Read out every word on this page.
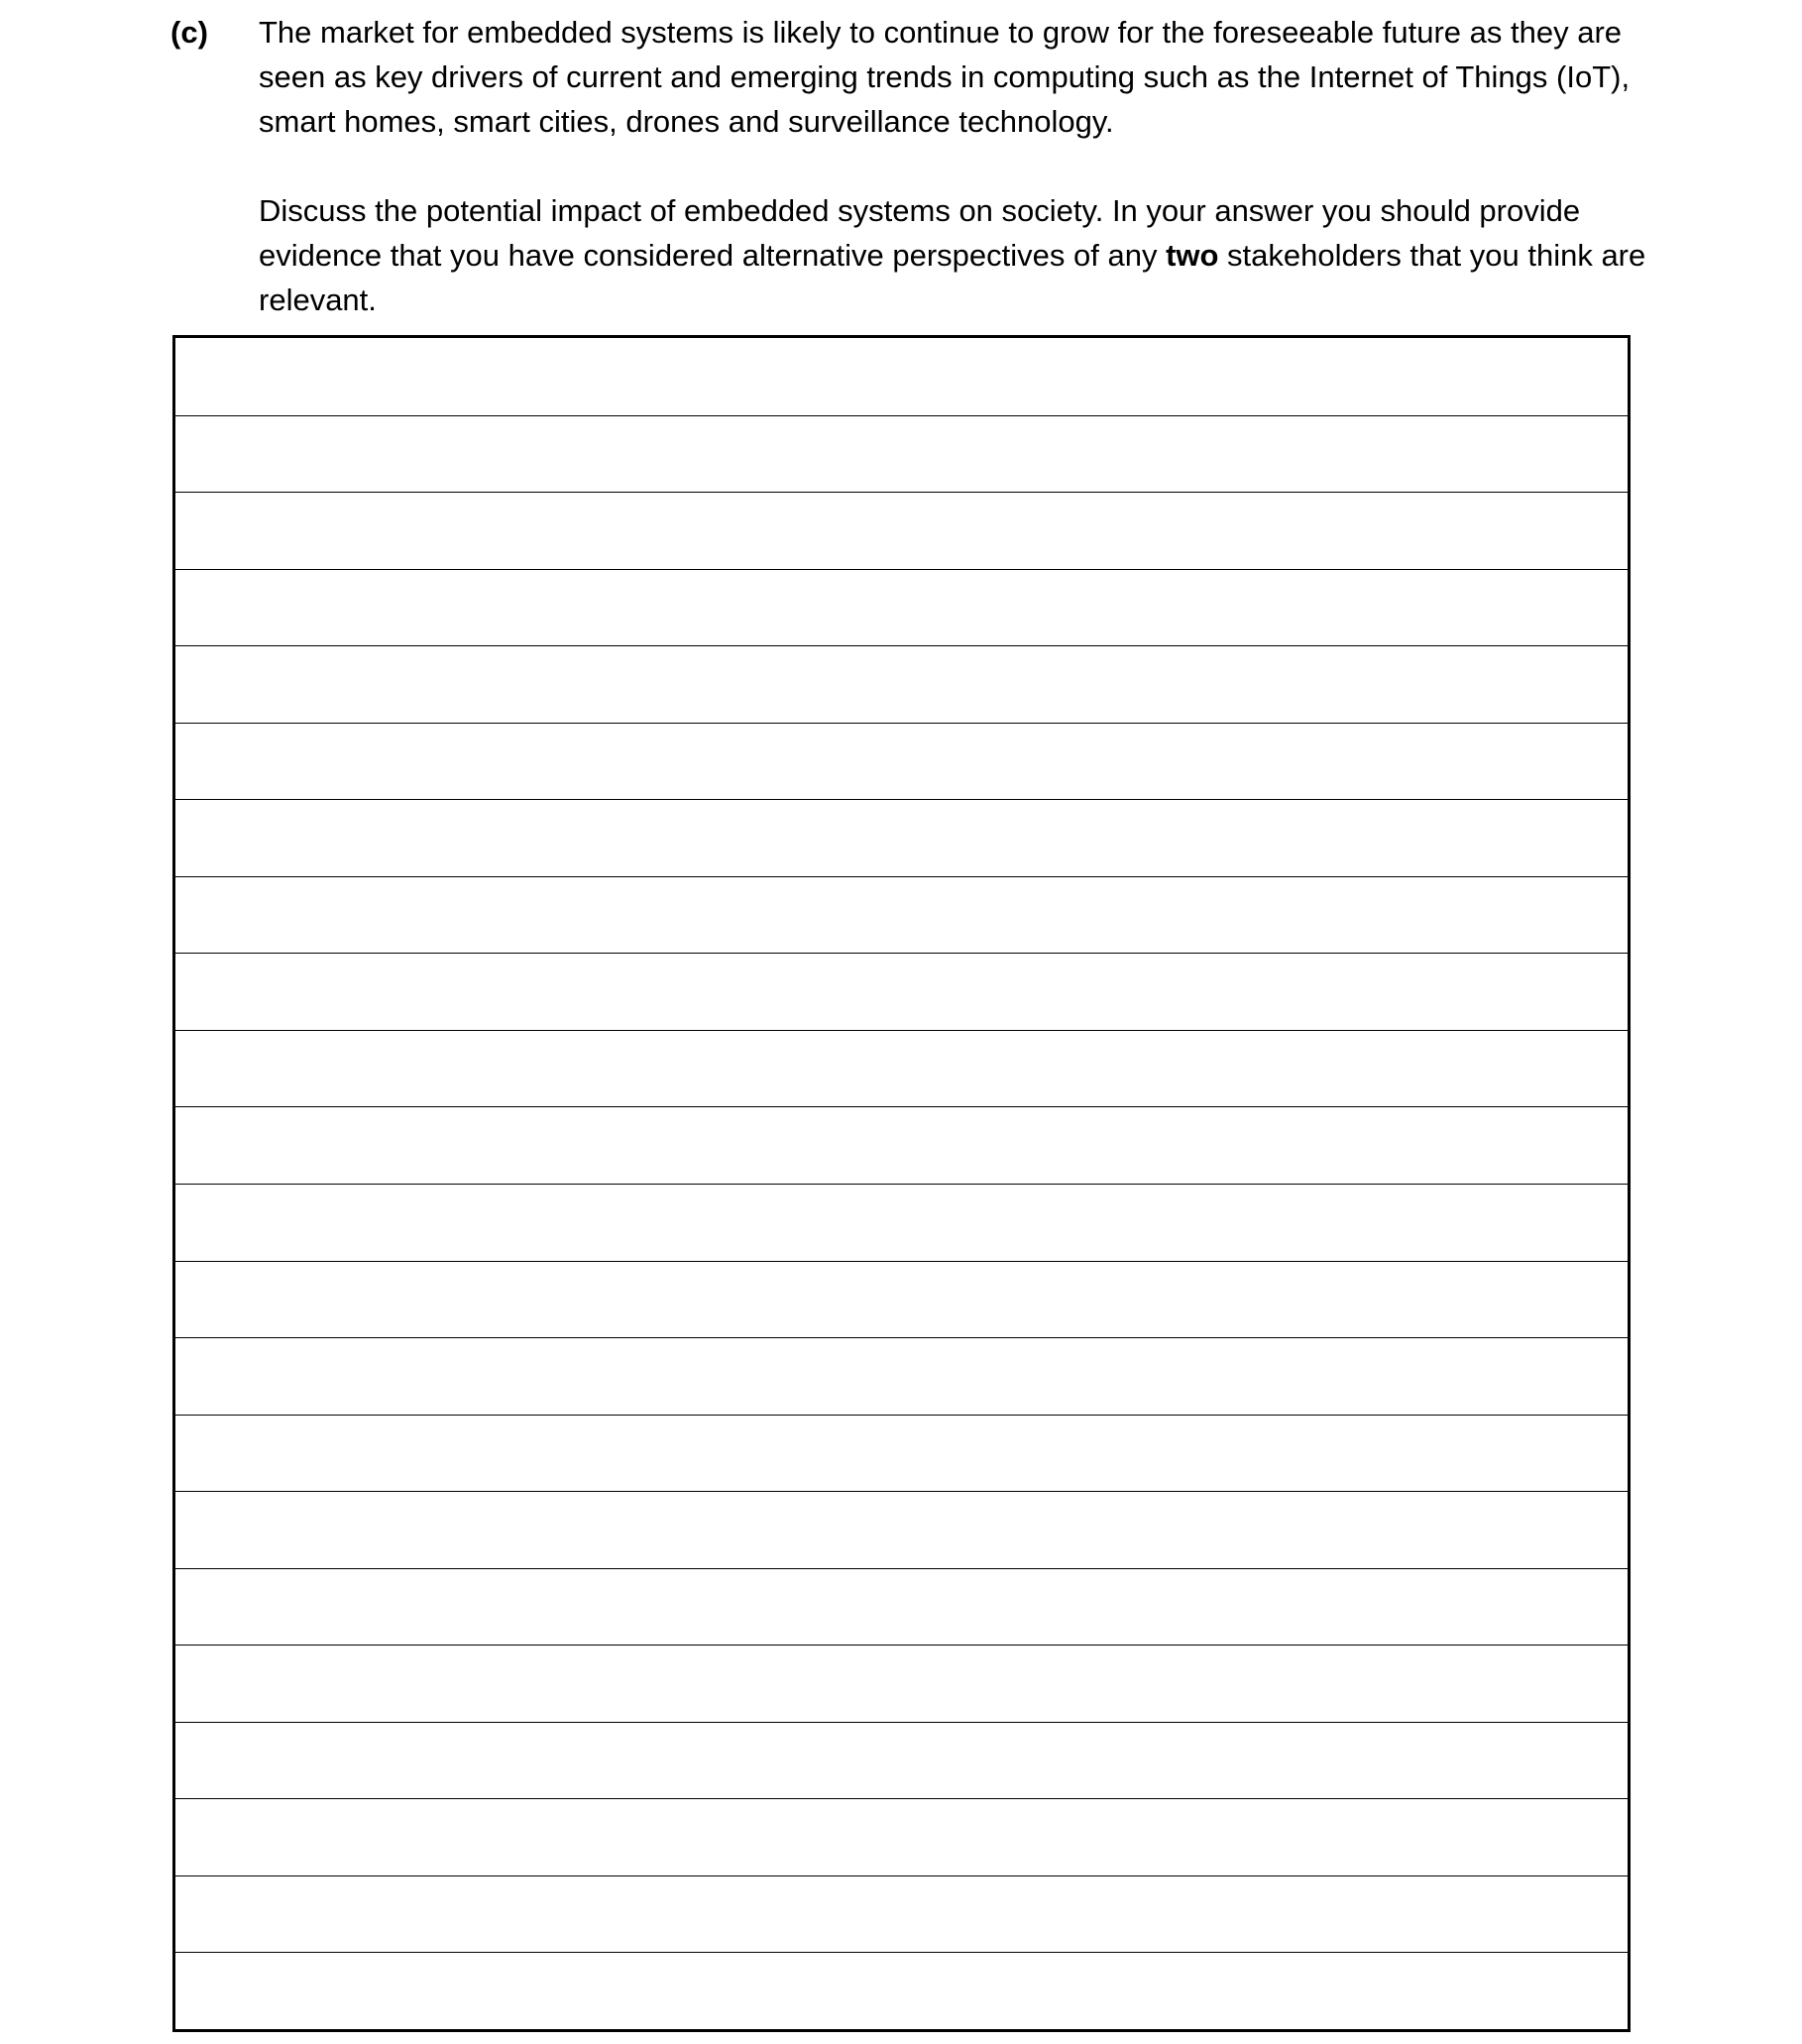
(c) The market for embedded systems is likely to continue to grow for the foreseeable future as they are seen as key drivers of current and emerging trends in computing such as the Internet of Things (IoT), smart homes, smart cities, drones and surveillance technology.

Discuss the potential impact of embedded systems on society. In your answer you should provide evidence that you have considered alternative perspectives of any two stakeholders that you think are relevant.
